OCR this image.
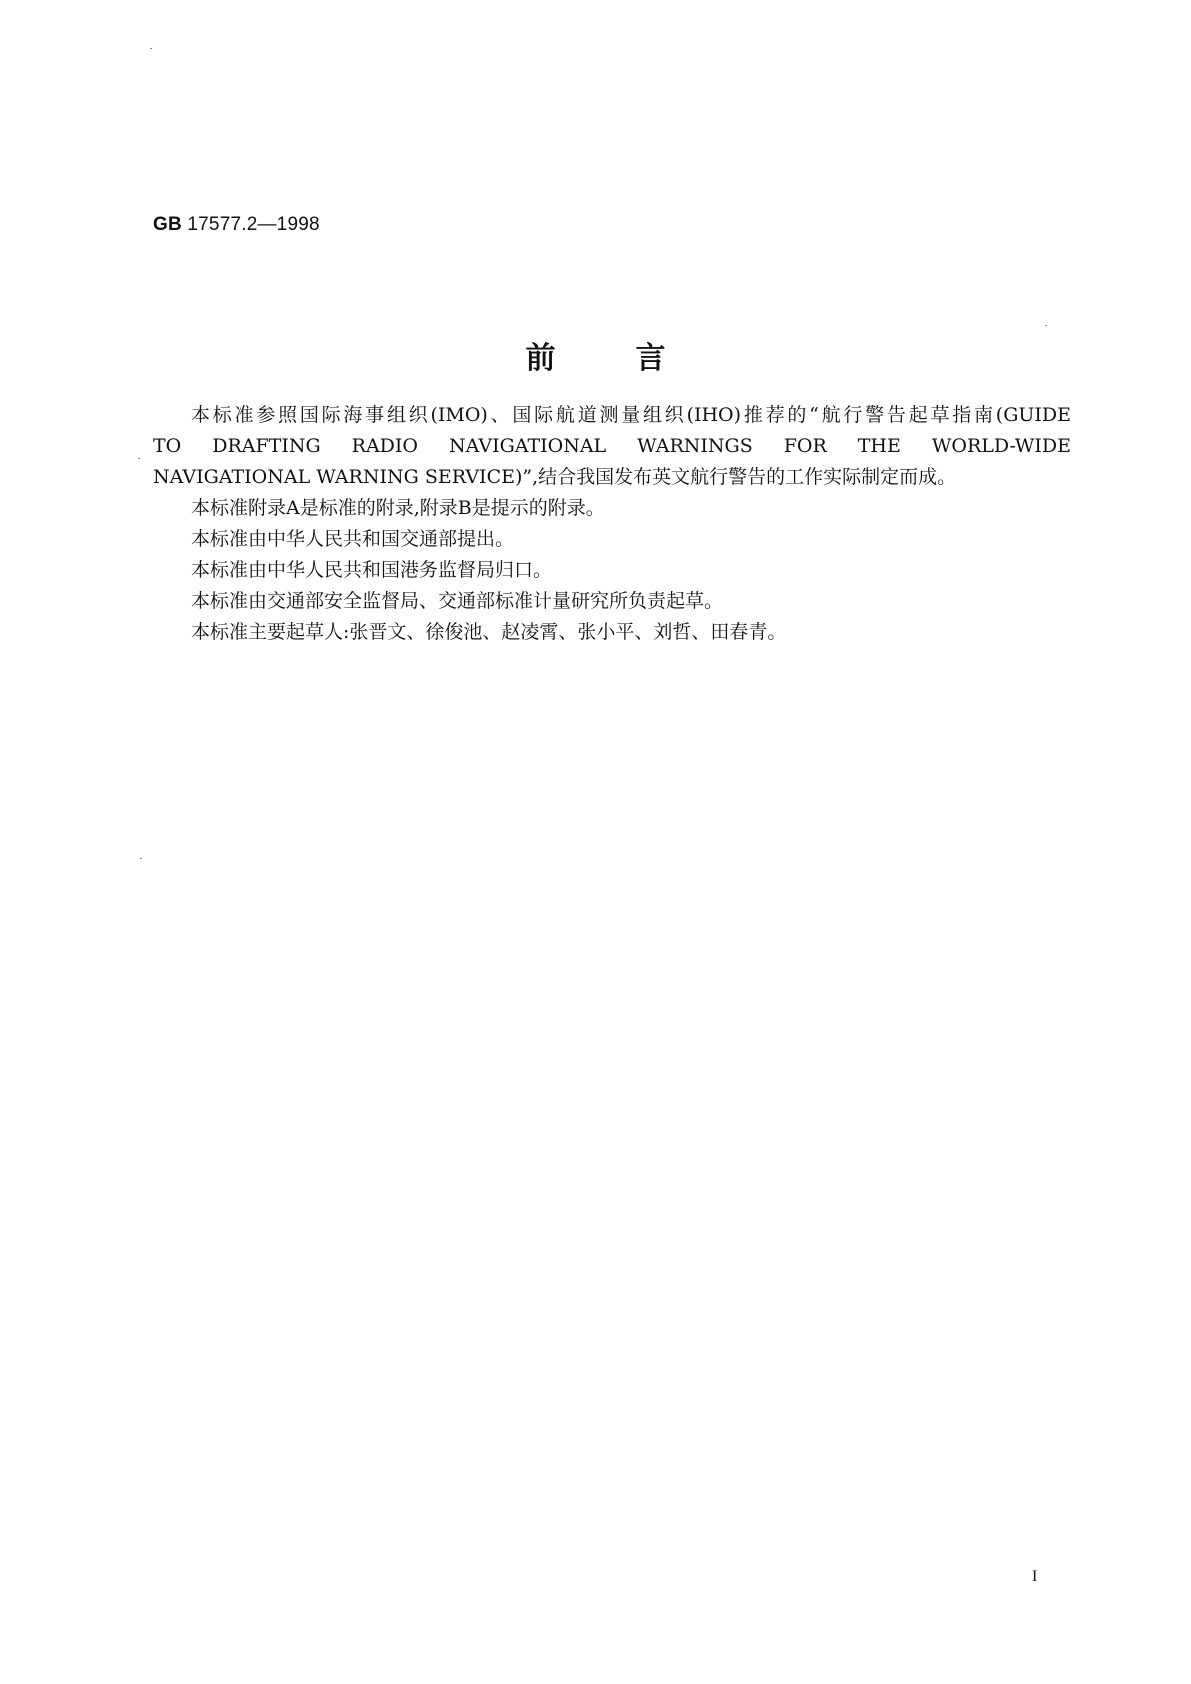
GB 17577.2—1998
前言
本标准参照国际海事组织(IMO)、国际航道测量组织(IHO)推荐的“航行警告起草指南(GUIDE
TO DRAFTING RADIO NAVIGATIONAL WARNINGS FOR THE WORLD-WIDE
NAVIGATIONAL WARNING SERVICE)”,结合我国发布英文航行警告的工作实际制定而成。

本标准附录A是标准的附录,附录B是提示的附录。

本标准由中华人民共和国交通部提出。

本标准由中华人民共和国港务监督局归口。

本标准由交通部安全监督局、交通部标准计量研究所负责起草。

本标准主要起草人:张晋文、徐俊池、赵凌霄、张小平、刘哲、田春青。

I
